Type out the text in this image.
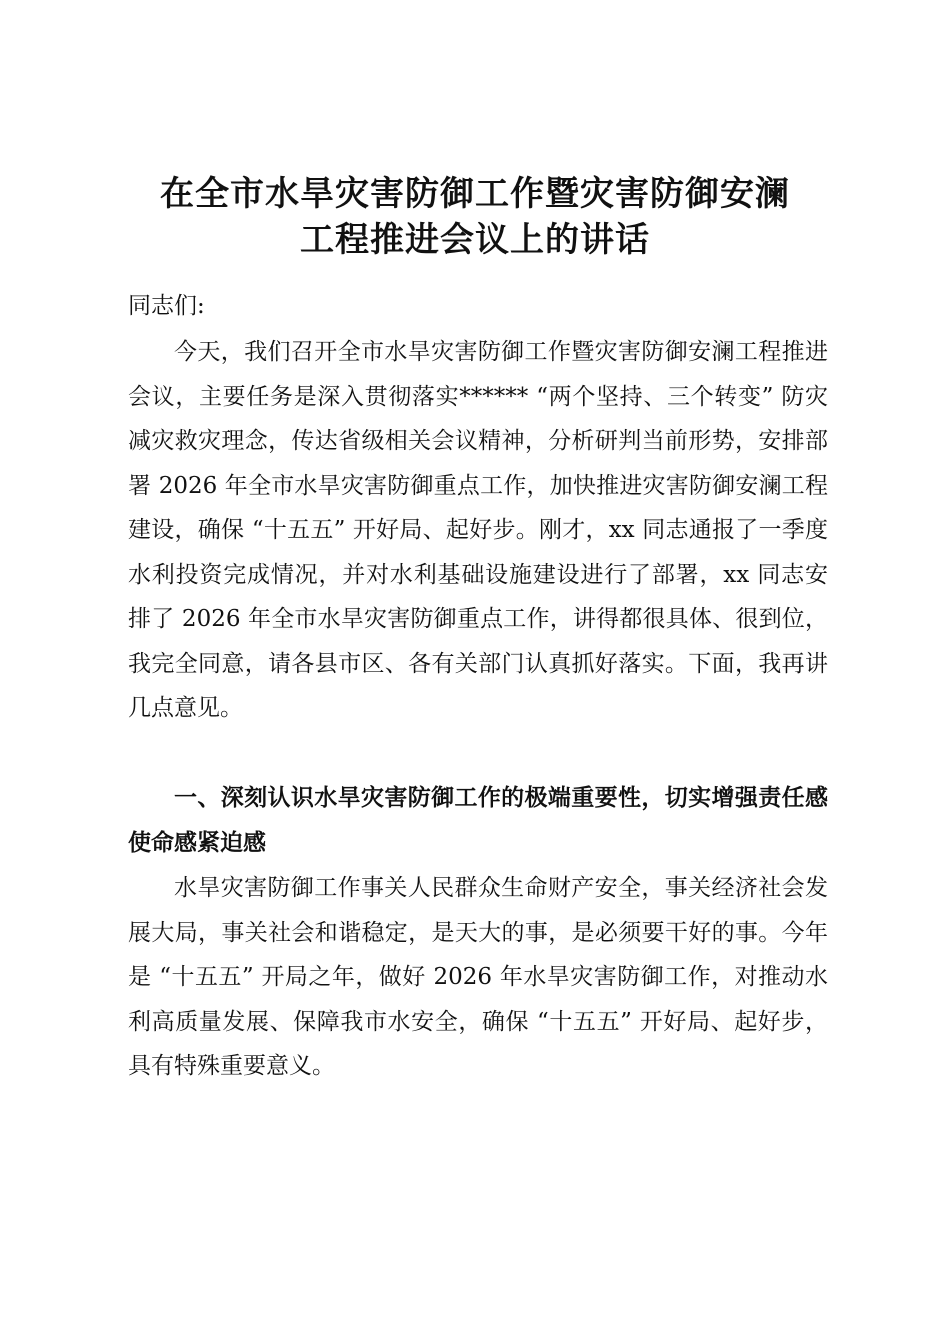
在全市水旱灾害防御工作暨灾害防御安澜
工程推进会议上的讲话

同志们:

今天，我们召开全市水旱灾害防御工作暨灾害防御安澜工程推进会议，主要任务是深入贯彻落实****** “两个坚持、三个转变” 防灾减灾救灾理念，传达省级相关会议精神，分析研判当前形势，安排部署 2026 年全市水旱灾害防御重点工作，加快推进灾害防御安澜工程建设，确保 “十五五” 开好局、起好步。刚才，xx 同志通报了一季度水利投资完成情况，并对水利基础设施建设进行了部署，xx 同志安排了 2026 年全市水旱灾害防御重点工作，讲得都很具体、很到位，我完全同意，请各县市区、各有关部门认真抓好落实。下面，我再讲几点意见。

一、深刻认识水旱灾害防御工作的极端重要性，切实增强责任感使命感紧迫感

水旱灾害防御工作事关人民群众生命财产安全，事关经济社会发展大局，事关社会和谐稳定，是天大的事，是必须要干好的事。今年是 “十五五” 开局之年，做好 2026 年水旱灾害防御工作，对推动水利高质量发展、保障我市水安全，确保 “十五五” 开好局、起好步，具有特殊重要意义。
